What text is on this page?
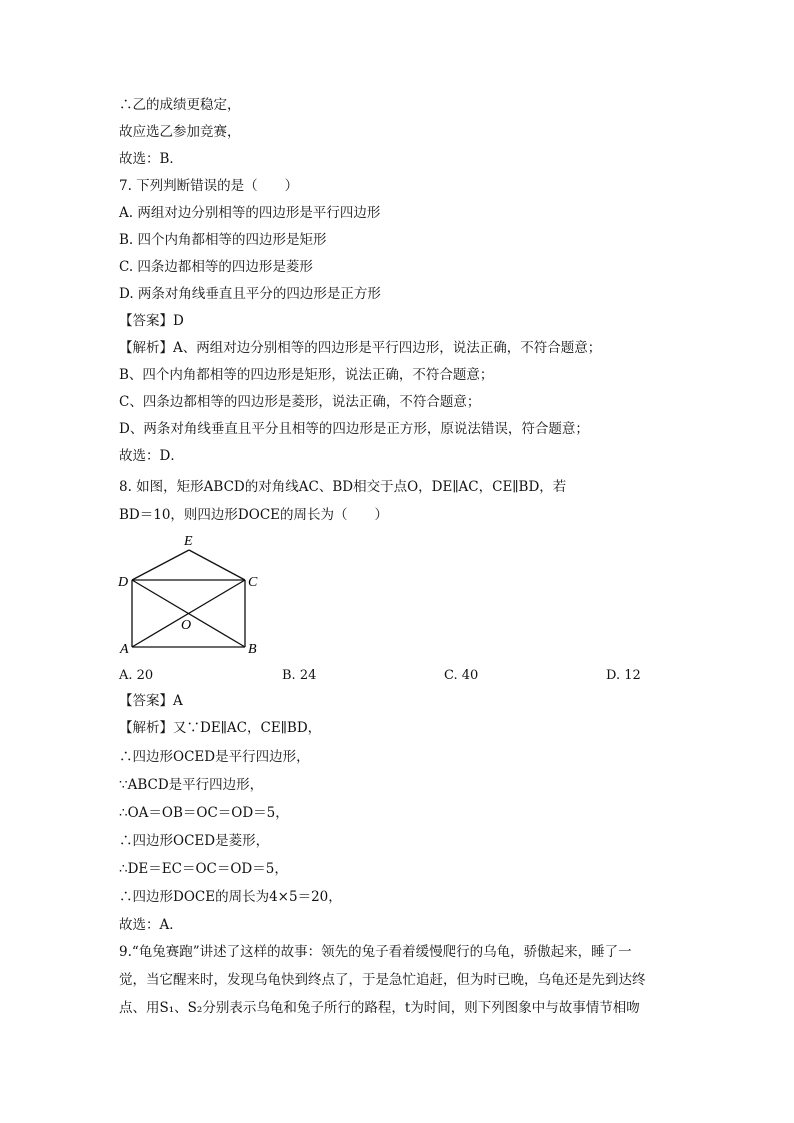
∴乙的成绩更稳定，
故应选乙参加竞赛，
故选：B．
7. 下列判断错误的是（　　）
A. 两组对边分别相等的四边形是平行四边形
B. 四个内角都相等的四边形是矩形
C. 四条边都相等的四边形是菱形
D. 两条对角线垂直且平分的四边形是正方形
【答案】D
【解析】A、两组对边分别相等的四边形是平行四边形，说法正确，不符合题意；
B、四个内角都相等的四边形是矩形，说法正确，不符合题意；
C、四条边都相等的四边形是菱形，说法正确，不符合题意；
D、两条对角线垂直且平分且相等的四边形是正方形，原说法错误，符合题意；
故选：D．
8. 如图，矩形ABCD的对角线AC、BD相交于点O，DE∥AC，CE∥BD，若
BD＝10，则四边形DOCE的周长为（　　）
E
D	C
O
A	B
A. 20	B. 24	C. 40	D. 12
【答案】A
【解析】又∵DE∥AC，CE∥BD，
∴四边形OCED是平行四边形，
∵ABCD是平行四边形，
∴OA＝OB＝OC＝OD＝5，
∴四边形OCED是菱形，
∴DE＝EC＝OC＝OD＝5，
∴四边形DOCE的周长为4×5＝20，
故选：A．
9.“龟兔赛跑”讲述了这样的故事：领先的兔子看着缓慢爬行的乌龟，骄傲起来，睡了一
觉，当它醒来时，发现乌龟快到终点了，于是急忙追赶，但为时已晚，乌龟还是先到达终
点、用S₁、S₂分别表示乌龟和兔子所行的路程，t为时间，则下列图象中与故事情节相吻
